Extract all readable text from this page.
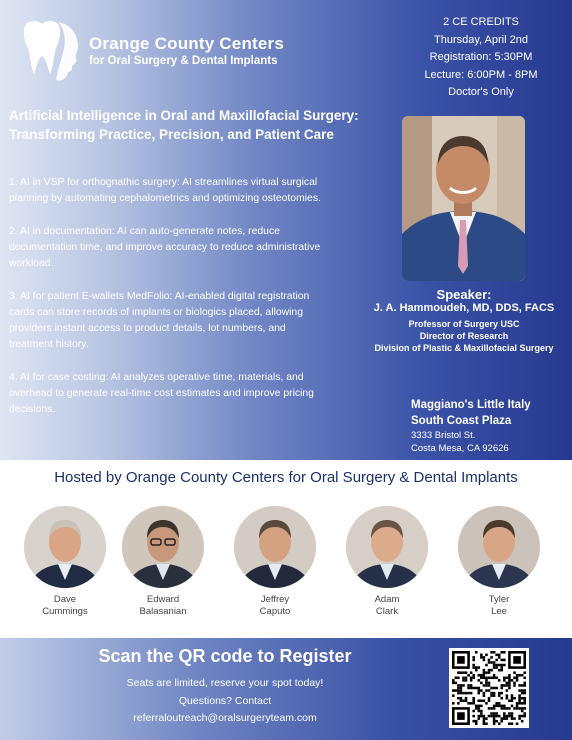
Orange County Centers
for Oral Surgery & Dental Implants
2 CE CREDITS
Thursday, April 2nd
Registration: 5:30PM
Lecture: 6:00PM - 8PM
Doctor's Only
Artificial Intelligence in Oral and Maxillofacial Surgery:
Transforming Practice, Precision, and Patient Care

1. AI in VSP for orthognathic surgery: AI streamlines virtual surgical planning by automating cephalometrics and optimizing osteotomies.

2. AI in documentation: AI can auto-generate notes, reduce documentation time, and improve accuracy to reduce administrative workload.

3. AI for patient E-wallets MedFolio: AI-enabled digital registration cards can store records of implants or biologics placed, allowing providers instant access to product details, lot numbers, and treatment history.

4. AI for case costing: AI analyzes operative time, materials, and overhead to generate real-time cost estimates and improve pricing decisions.

Speaker:
J. A. Hammoudeh, MD, DDS, FACS
Professor of Surgery USC
Director of Research
Division of Plastic & Maxillofacial Surgery
Maggiano's Little Italy
South Coast Plaza
3333 Bristol St.
Costa Mesa, CA 92626
Hosted by Orange County Centers for Oral Surgery & Dental Implants
Dave
Cummings
Edward
Balasanian
Jeffrey
Caputo
Adam
Clark
Tyler
Lee
Scan the QR code to Register
Seats are limited, reserve your spot today!
Questions? Contact
referraloutreach@oralsurgeryteam.com
